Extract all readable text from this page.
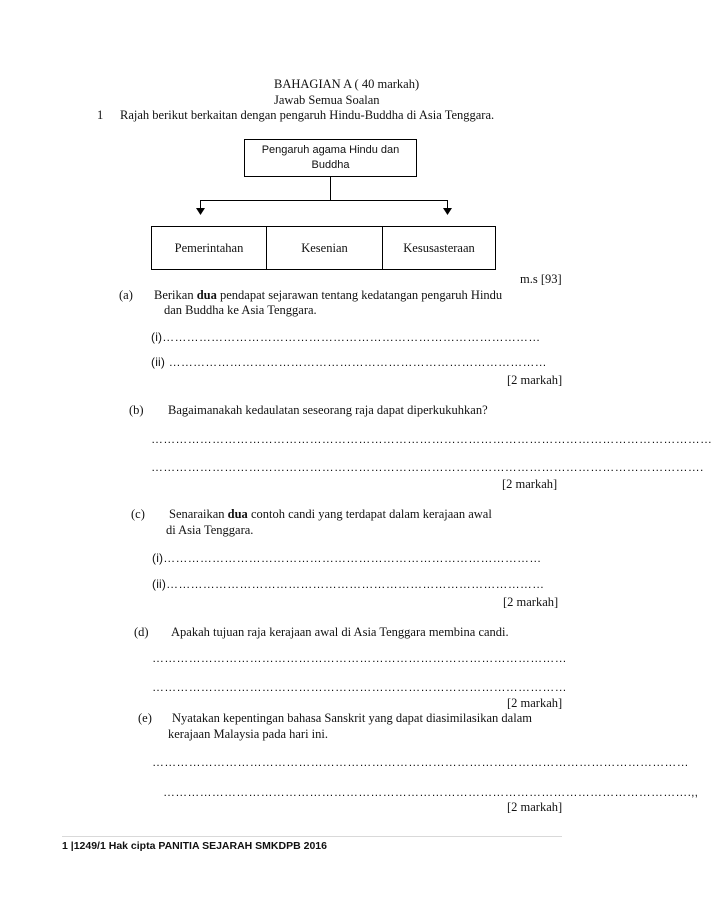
BAHAGIAN A ( 40 markah)
Jawab Semua Soalan
1 Rajah berikut berkaitan dengan pengaruh Hindu-Buddha di Asia Tenggara.
Pengaruh agama Hindu dan
Buddha
Pemerintahan	Kesenian	Kesusasteraan
m.s [93]
(a) Berikan dua pendapat sejarawan tentang kedatangan pengaruh Hindu
dan Buddha ke Asia Tenggara.
(i)…………………………………………………………………………………
(ii) …………………………………………………………………………………
[2 markah]
(b) Bagaimanakah kedaulatan seseorang raja dapat diperkukuhkan?
…………………………………………………………………………………………………………………………
……………………………………………………………………………………………………………………….
[2 markah]
(c) Senaraikan dua contoh candi yang terdapat dalam kerajaan awal
di Asia Tenggara.
(i)…………………………………………………………………………………
(ii)…………………………………………………………………………………
[2 markah]
(d) Apakah tujuan raja kerajaan awal di Asia Tenggara membina candi.
…………………………………………………………………………………………
…………………………………………………………………………………………
[2 markah]
(e) Nyatakan kepentingan bahasa Sanskrit yang dapat diasimilasikan dalam
kerajaan Malaysia pada hari ini.
……………………………………………………………………………………………………………………
………………………………………………………………………………………………………………….,,
[2 markah]
1 |1249/1 Hak cipta PANITIA SEJARAH SMKDPB 2016
